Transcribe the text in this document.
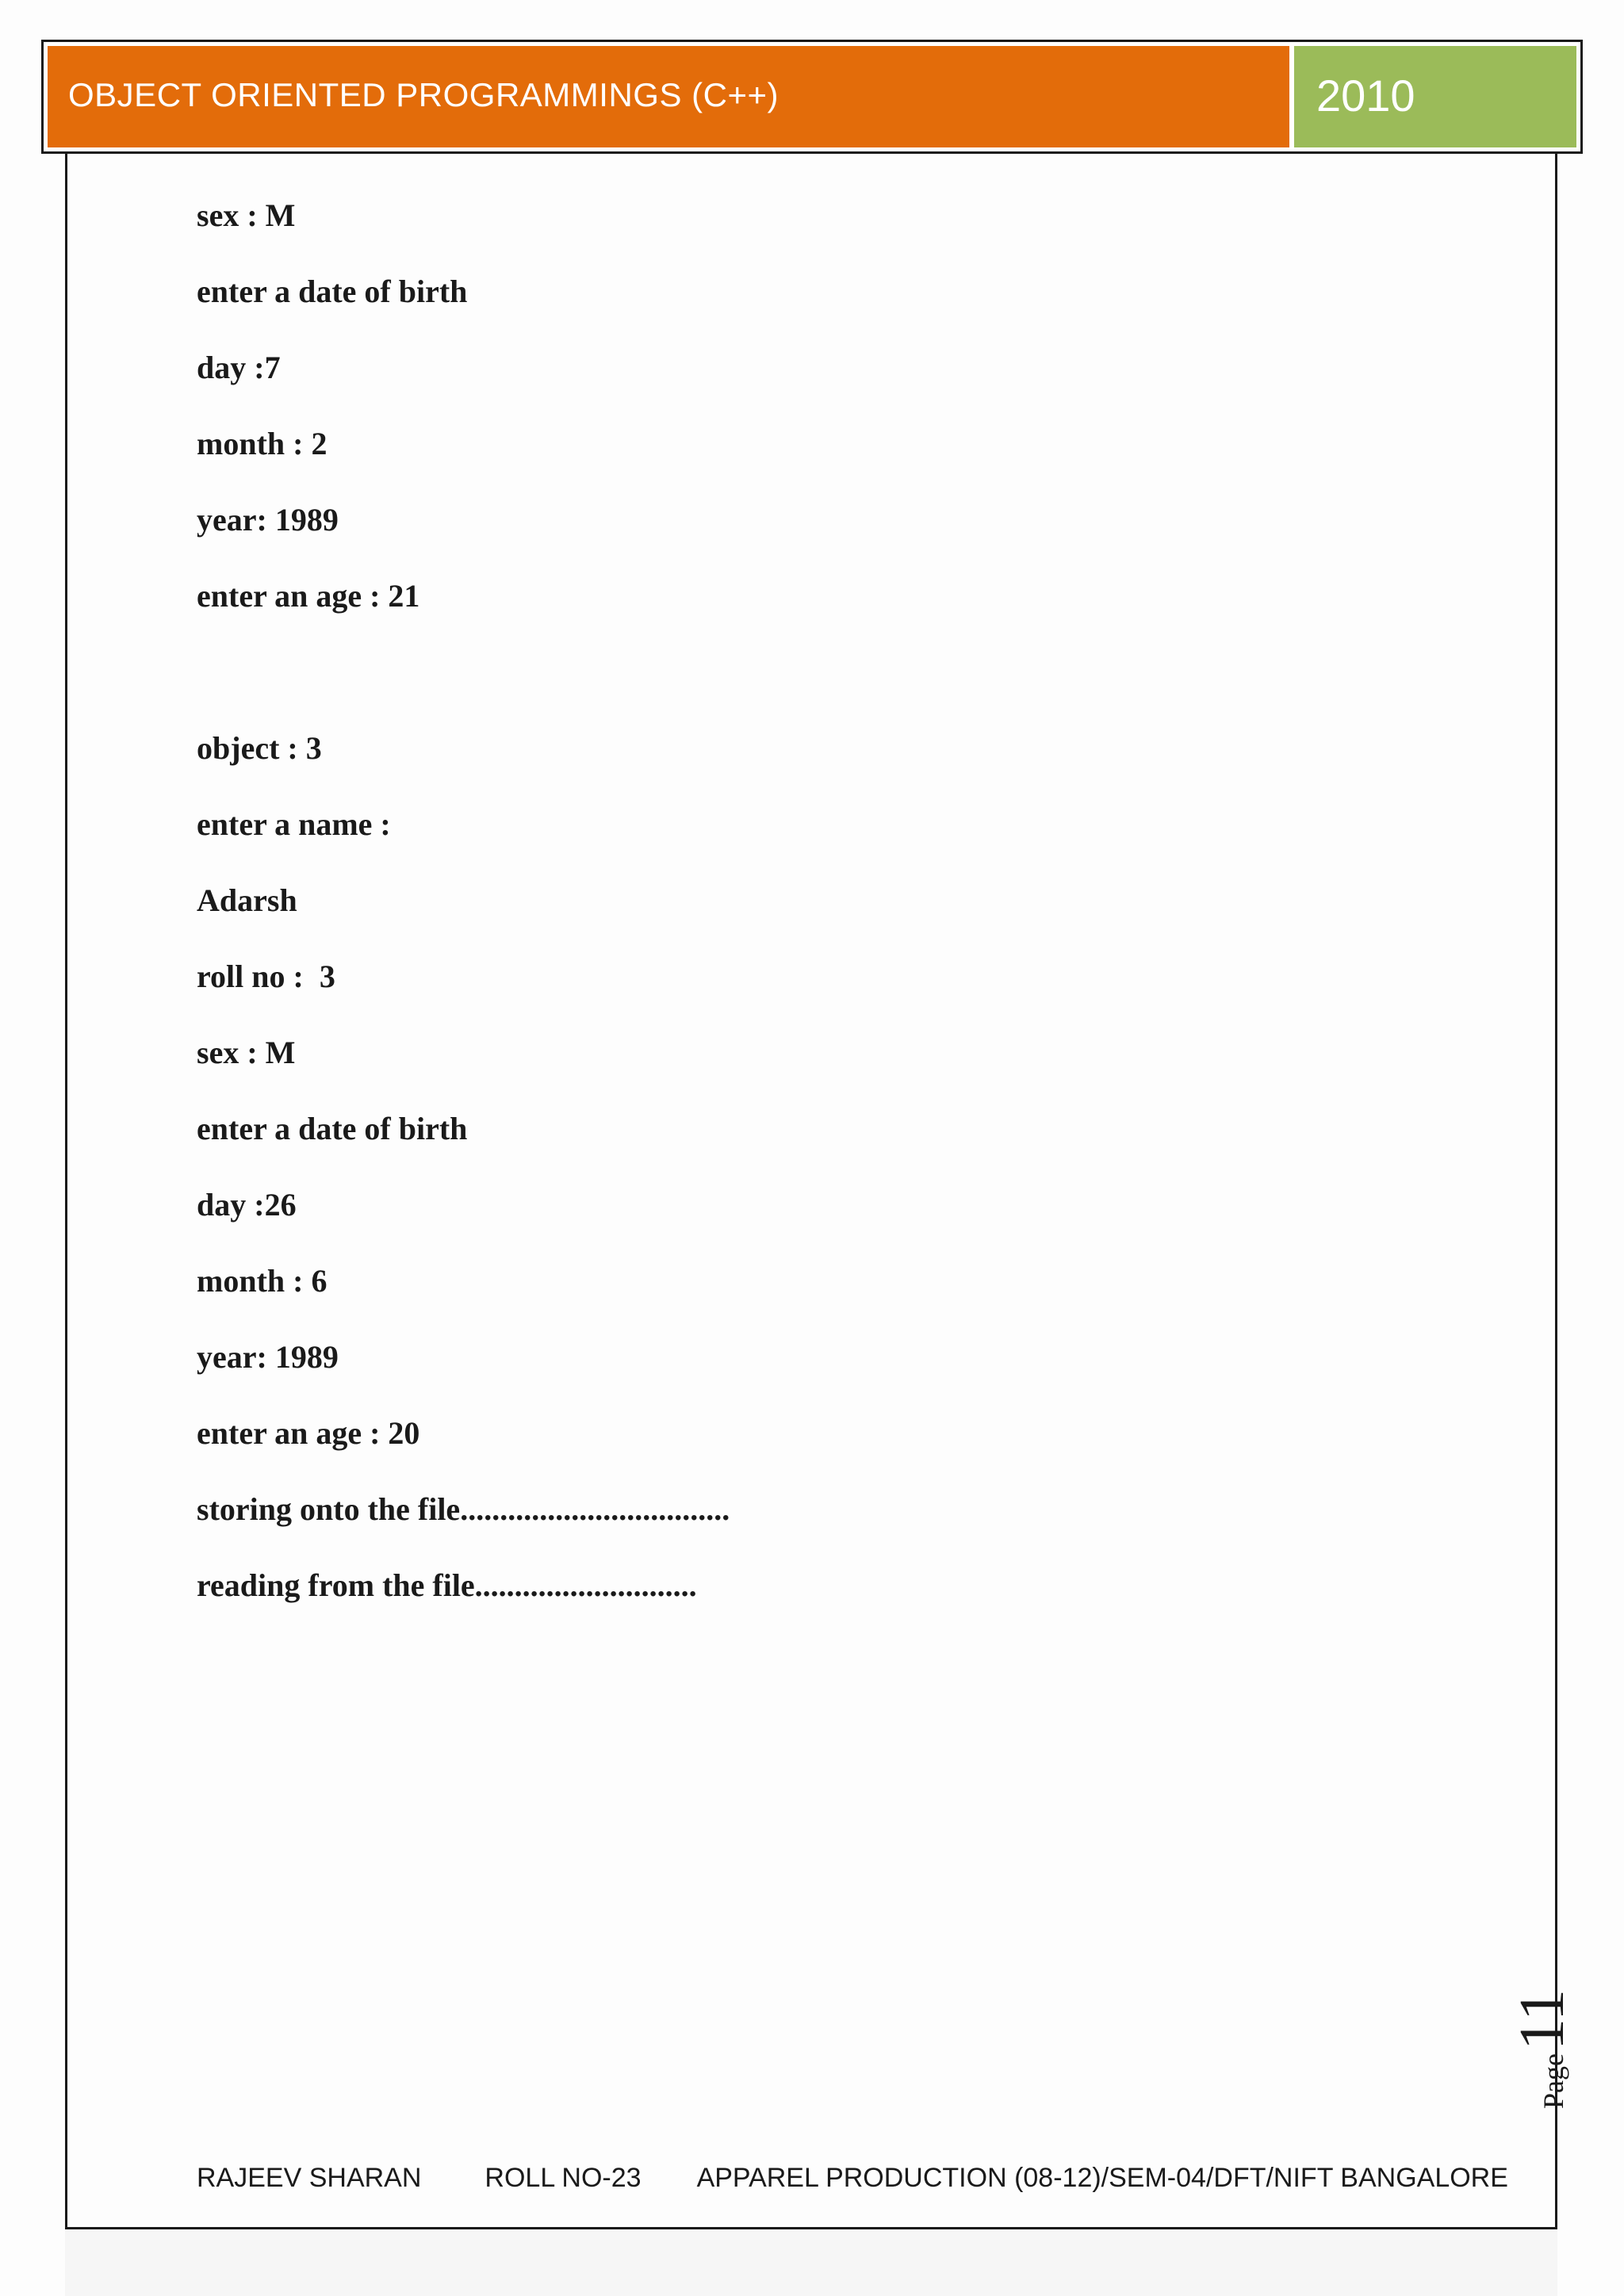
OBJECT ORIENTED PROGRAMMINGS (C++)	2010
sex : M
enter a date of birth
day :7
month : 2
year: 1989
enter an age : 21
object : 3
enter a name :
Adarsh
roll no :  3
sex : M
enter a date of birth
day :26
month : 6
year: 1989
enter an age : 20
storing onto the file..................................
reading from the file............................
Page11
RAJEEV SHARAN ROLL NO-23 APPAREL PRODUCTION (08-12)/SEM-04/DFT/NIFT BANGALORE
